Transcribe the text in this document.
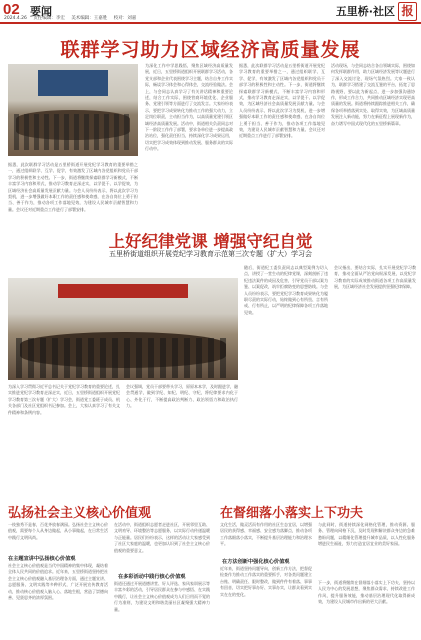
02 要闻
2024.4.26 责任编辑：李宏 美术编辑：王嘉胜 校对：刘嘉
五里桥·社区 报
联群学习助力区域经济高质量发展
为深化工作中学思践悟，聚焦区域经济高质量发展，近日，五里桥街道组织开展联群学习活动，各党支部和企业代表围绕学习主题，结合自身工作实际，畅谈学习体会和心得体会，交流经验做法。会上，与会同志认真学习了有关讲话精神和重要论述，结合工作实际，围绕营商环境优化、企业服务、党建引领等方面进行了交流发言。大家纷纷表示，要把学习成果转化为推动工作的强大动力，立足岗位职责，主动担当作为，以高质量党建引领区域经济高质量发展。活动中，街道相关负责同志对下一阶段工作作了部署，要求各单位进一步提高政治站位，强化责任担当，持续深化学习成果运用，切实把学习成效体现到推动发展、服务群众的实际行动中。
据悉，此次联群学习活动是五里桥街道开展党纪学习教育的重要举措之一，通过组织联学、互学、促学，有效激发了区域内各党组织和党员干部学习的积极性和主动性。下一步，街道将继续探索联群学习新模式，不断丰富学习内容和形式，推动学习教育走深走实，以学促干、以学促效，为区域经济社会高质量发展贡献力量。与会人员纷纷表示，将以此次学习为契机，进一步增强做好本职工作的责任感和使命感，在各自岗位上勇于担当、善于作为，推动各项工作落地见效，为建设人民城市贡献智慧和力量。会议还对近期重点工作进行了部署安排。
活动现场，与会同志结合各自领域实际，围绕如何发挥联群作用，助力区域经济发展等议题进行了深入交流讨论，现场气氛热烈。大家一致认为，联群学习搭建了交流互鉴的平台，拓宽了思路视野，要以此为新起点，进一步加强沟通协作，形成工作合力，共同推动区域经济实现更高质量的发展。街道将持续跟踪推进相关工作，确保各项举措落到实处、取得实效，为区域高质量发展注入新动能，努力在新征程上展现新作为，奋力谱写中国式现代化的五里桥新篇章。
据悉，此次联群学习活动是五里桥街道开展党纪学习教育的重要举措之一，通过组织联学、互学、促学，有效激发了区域内各党组织和党员干部学习的积极性和主动性。下一步，街道将继续探索联群学习新模式，不断丰富学习内容和形式，推动学习教育走深走实，以学促干、以学促效，为区域经济社会高质量发展贡献力量。与会人员纷纷表示，将以此次学习为契机，进一步增强做好本职工作的责任感和使命感，在各自岗位上勇于担当、善于作为，推动各项工作落地见效，为建设人民城市贡献智慧和力量。会议还对近期重点工作进行了部署安排。
上好纪律党课 增强守纪自觉
五里桥街道组织开展党纪学习教育示范第三次专题（扩大）学习会
为深入学习贯彻习近平总书记关于党纪学习教育的重要论述，扎实推进党纪学习教育走深走实，近日，五里桥街道组织开展党纪学习教育第三次专题（扩大）学习会，街道党工委班子成员、机关各部门及社区党组织书记参加。会上，大家认真学习了有关文件精神和条例内容。
会议强调，党员干部要带头学习，原原本本学，及时跟进学，融会贯通学，做到学纪、知纪、明纪、守纪，将纪律要求内化于心、外化于行，不断提高政治判断力、政治领悟力和政治执行力。
随后，街道纪工委负责同志以典型案例为切入点，讲授了一堂生动的纪律党课，深刻剖析了违纪违法案件的成因及危害，引导党员干部以案为鉴、以案促改，筑牢拒腐防变的思想防线。与会人员纷纷表示，要把党纪学习教育成果转化为履职尽责的实际行动，始终做到心有所畏、言有所戒、行有所止，以严明的纪律保障各项工作落地见效。
会议指出，要结合实际，扎实开展党纪学习教育，推动全面从严治党向纵深发展，以党纪学习教育的实际成效推动街道各项工作高质量发展，为区域经济社会发展提供坚强纪律保障。
弘扬社会主义核心价值观
一枝独秀不是春，百花齐放春满园。弘扬社会主义核心价值观，需要每个人从身边做起，从小事做起，在日常生活中践行文明风尚。
在主题宣讲中弘扬核心价值观
社会主义核心价值观是当代中国精神的集中体现，凝结着全体人民共同的价值追求。近年来，五里桥街道坚持把社会主义核心价值观融入基层治理各方面，通过主题宣讲、志愿服务、文明实践等多种形式，广泛开展宣传教育活动，推动核心价值观入脑入心、落地生根，营造了崇德向善、见贤思齐的浓厚氛围。
在活动中，街道组织志愿者走进社区，开展邻里互助、文明劝导、环境整治等志愿服务，以实际行动传递温暖与正能量。居民们纷纷表示，这样的活动让大家感受到了社区大家庭的温暖，也更加认识到了社会主义核心价值观的重要意义。
在多彩活动中践行核心价值观
街道还通过开展道德讲堂、好人评选、家风家训展示等丰富多彩的活动，引导居民群众在参与中感悟、在实践中践行，让社会主义核心价值观成为人们日用而不觉的行为准则，为建设文明和谐美丽社区凝聚强大精神力量。
在督细落小落实上下功夫
文化生活，做灵活而有作用的社区生态宜居，以增强居民的获得感、幸福感、安全感为落脚点，推动各项工作落细落小落实，不断提升基层治理能力和治理水平。
在方法创新中强化核心价值观
近年来，街道坚持问题导向，创新工作方法，把督促检查作为推动工作落实的重要抓手，对各类问题建立台账、明确责任、限时整改，做到件件有着落、事事有回音，切实把好事办好、实事办实，让群众看到实实在在的变化。
与此同时，街道持续深化网格化管理，推动资源、服务、管理向网格下沉，及时发现和解决群众身边的急难愁盼问题，以精细化管理提升城市品质，以人性化服务增进民生福祉，努力打造宜居宜业的美好家园。
下一步，街道将继续在督细落小落实上下功夫，坚持以人民为中心的发展思想，聚焦群众需求，持续改进工作作风，提升服务效能，推动基层治理现代化取得新成效，为建设人民城市作出新的更大贡献。
